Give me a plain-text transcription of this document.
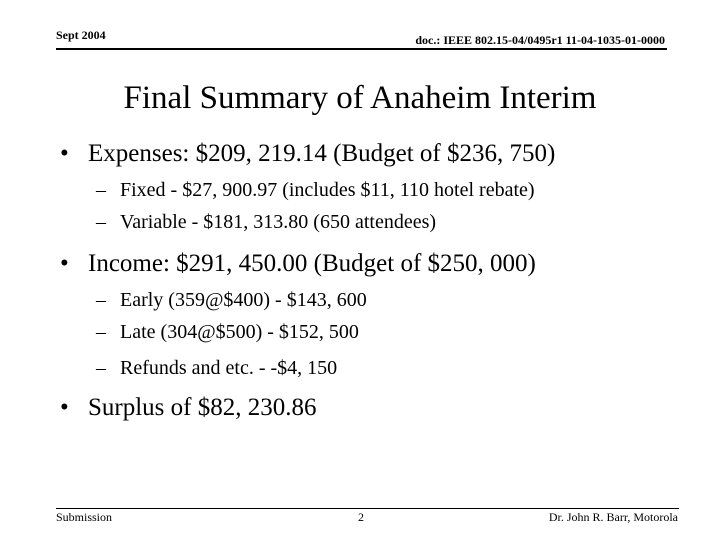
Sept 2004	doc.: IEEE 802.15-04/0495r1 11-04-1035-01-0000
Final Summary of Anaheim Interim
• Expenses: $209, 219.14 (Budget of $236, 750)
– Fixed - $27, 900.97 (includes $11, 110 hotel rebate)
– Variable - $181, 313.80 (650 attendees)
• Income: $291, 450.00 (Budget of $250, 000)
– Early (359@$400) - $143, 600
– Late (304@$500) - $152, 500
– Refunds and etc. - -$4, 150
• Surplus of $82, 230.86
Submission	2	Dr. John R. Barr, Motorola
